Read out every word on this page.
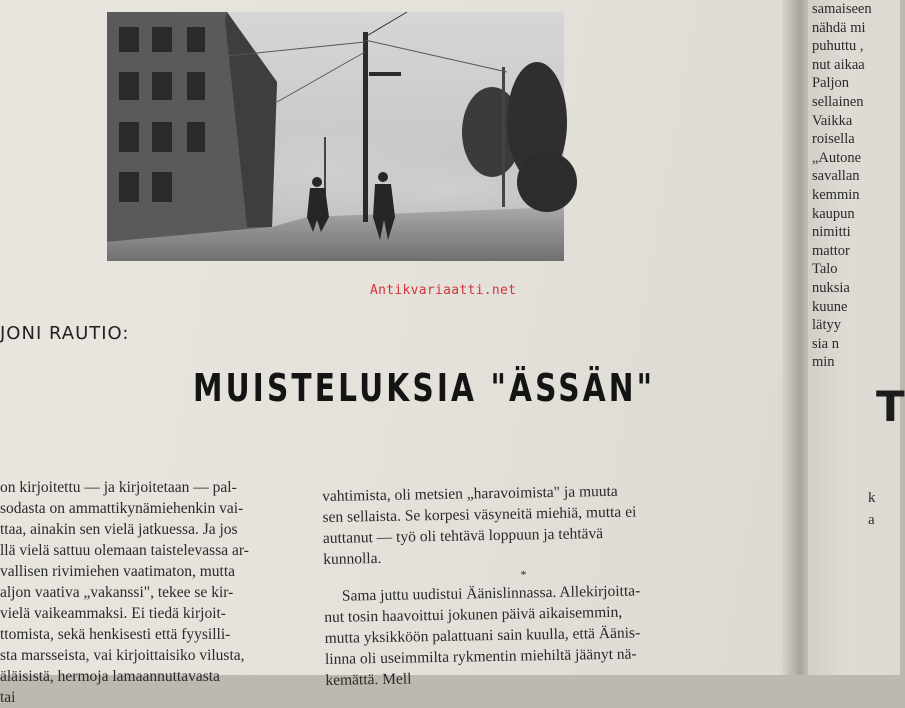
Antikvariaatti.net
JONI RAUTIO:
MUISTELUKSIA "ÄSSÄN"
on kirjoitettu — ja kirjoitetaan — pal-
sodasta on ammattikynämiehenkin vai-
ttaa, ainakin sen vielä jatkuessa. Ja jos
llä vielä sattuu olemaan taistelevassa ar-
vallisen rivimiehen vaatimaton, mutta
aljon vaativa „vakanssi", tekee se kir-
vielä vaikeammaksi. Ei tiedä kirjoit-
ttomista, sekä henkisesti että fyysilli-
sta marsseista, vai kirjoittaisiko vilusta,
äläisistä, hermoja lamaannuttavasta
tai
vahtimista, oli metsien „haravoimista" ja muuta
sen sellaista. Se korpesi väsyneitä miehiä, mutta ei
auttanut — työ oli tehtävä loppuun ja tehtävä
kunnolla.
*
Sama juttu uudistui Äänislinnassa. Allekirjoitta-
nut tosin haavoittui jokunen päivä aikaisemmin,
mutta yksikköön palattuani sain kuulla, että Äänis-
linna oli useimmilta rykmentin miehiltä jäänyt nä-
kemättä. Mell
samaiseen
nähdä mi
puhuttu ,
nut aikaa
Paljon
sellainen
Vaikka
roisella
„Autone
savallan
kemmin
kaupun
nimitti
mattor
Talo
nuksia
kuune
lätyy
sia n
min
T
k
a
